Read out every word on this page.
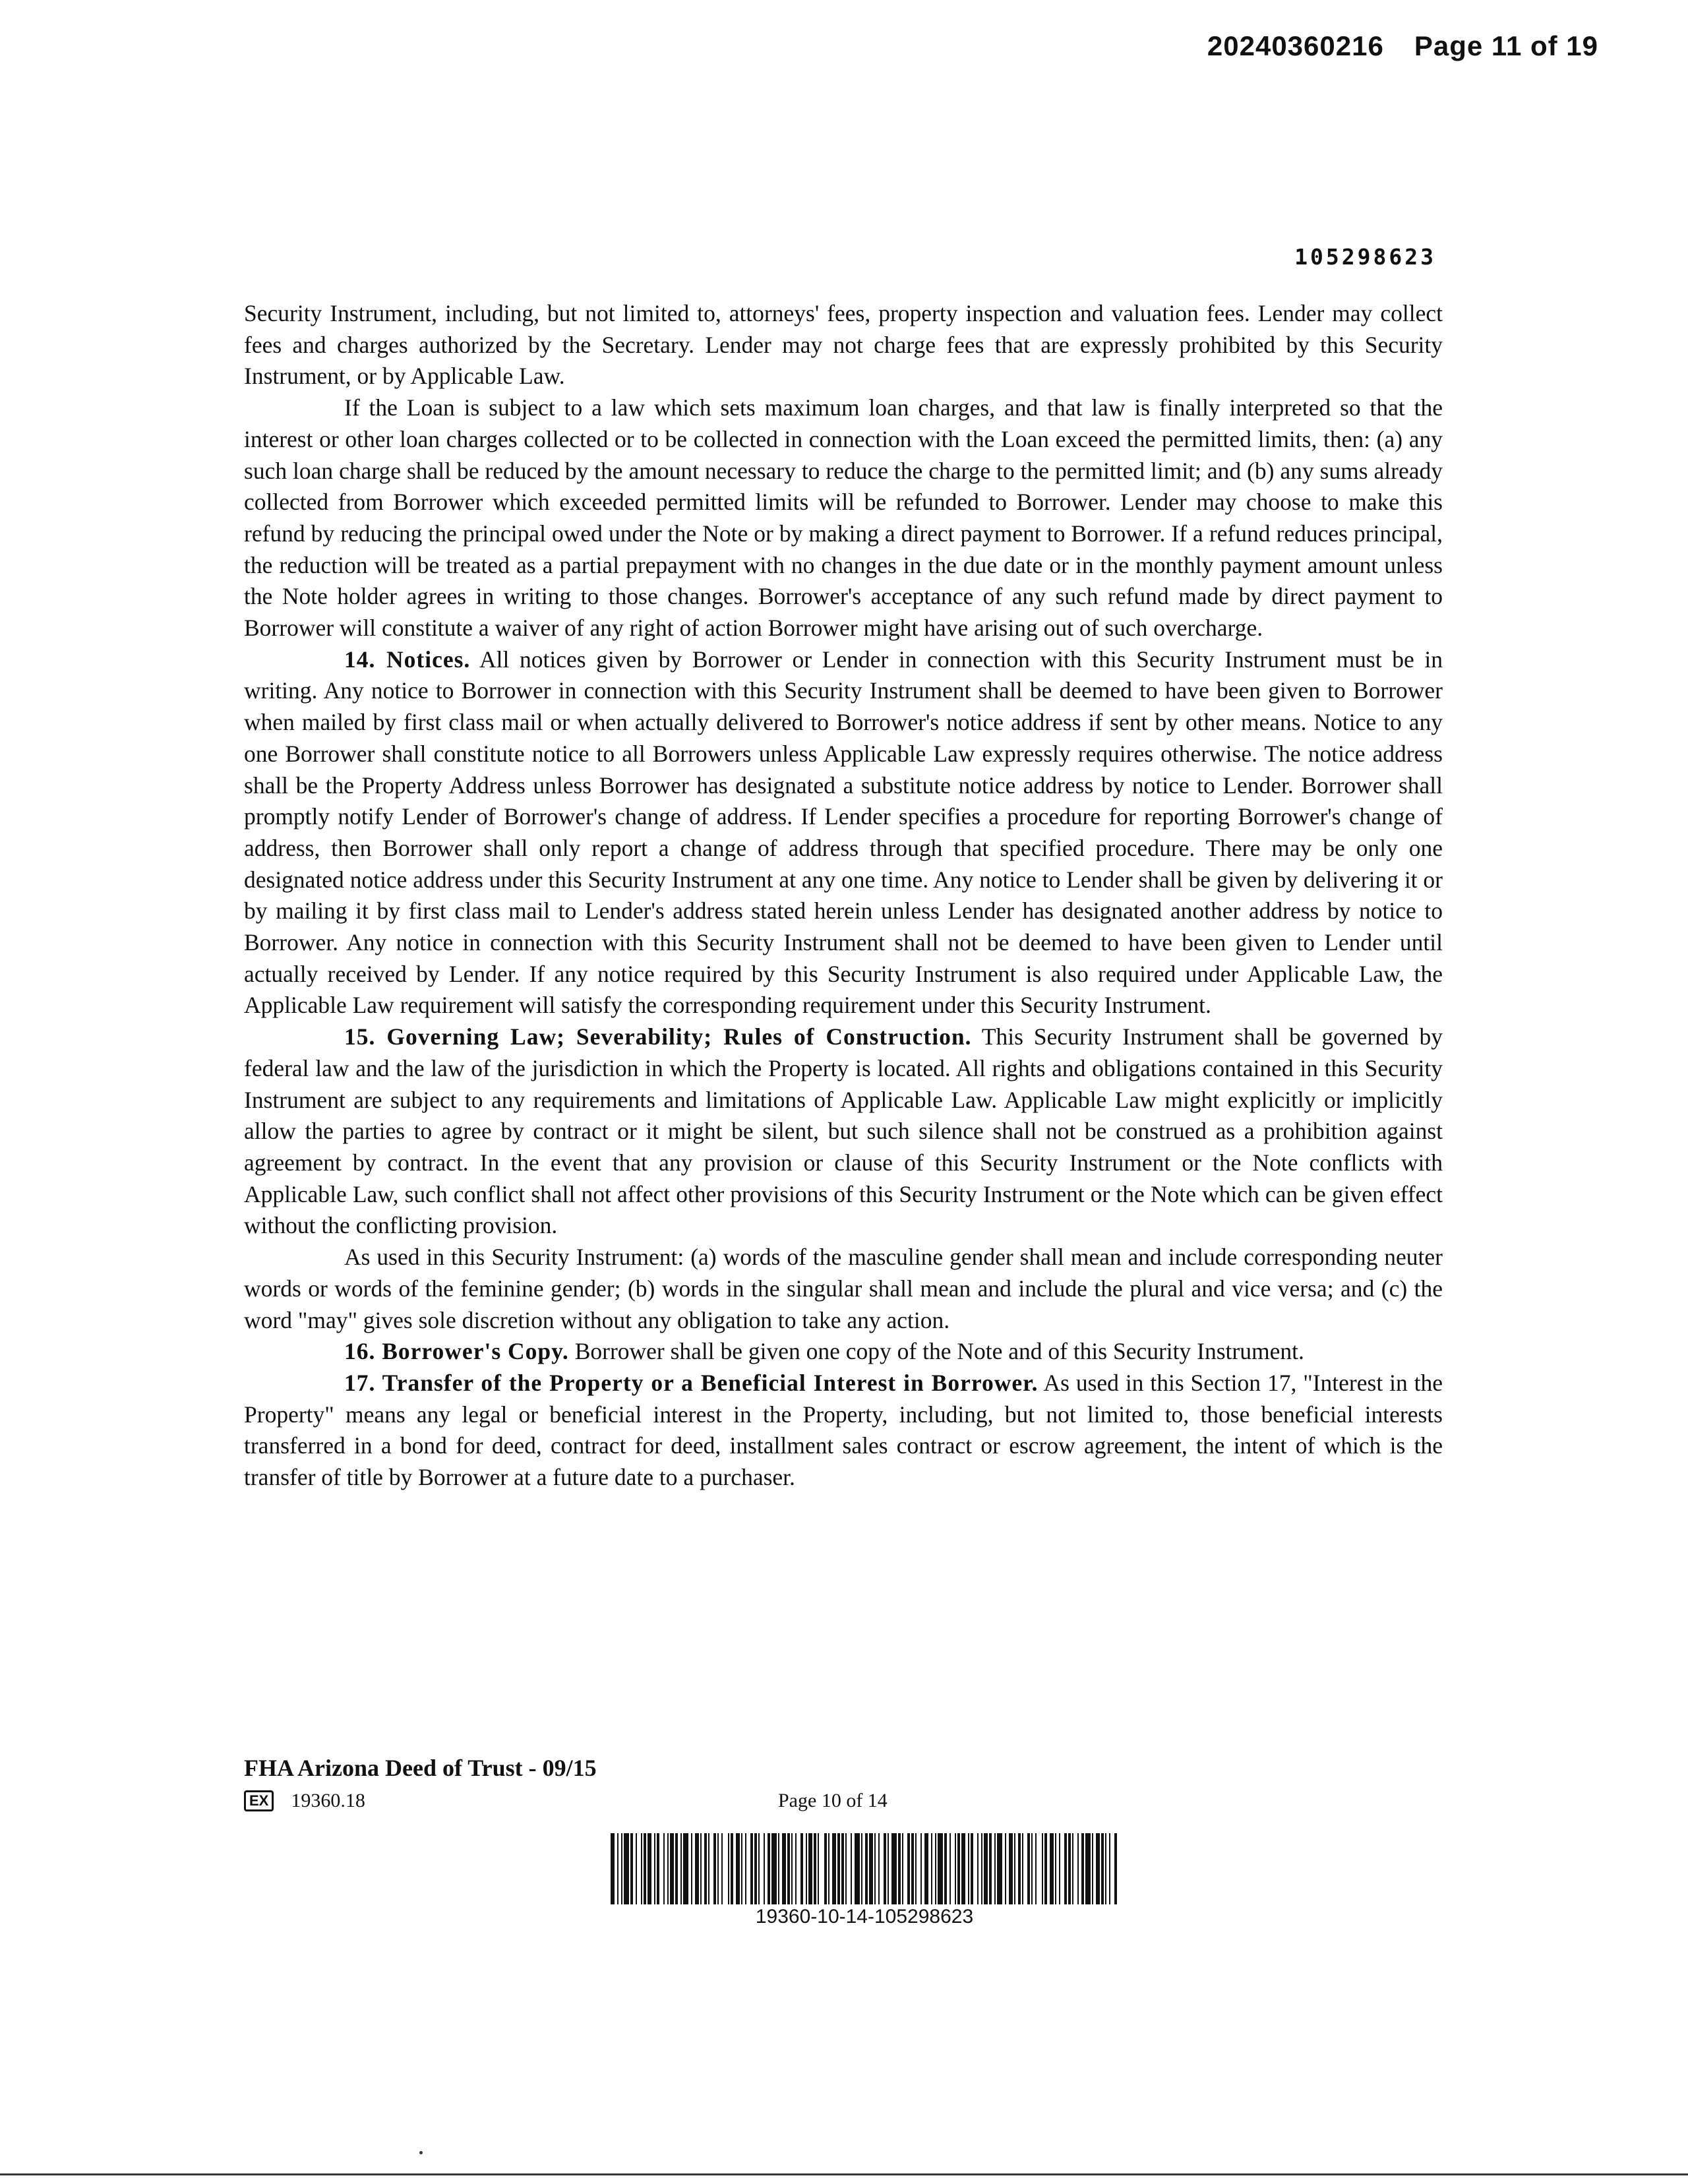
20240360216 Page 11 of 19
105298623

Security Instrument, including, but not limited to, attorneys' fees, property inspection and valuation fees. Lender may collect fees and charges authorized by the Secretary. Lender may not charge fees that are expressly prohibited by this Security Instrument, or by Applicable Law.

If the Loan is subject to a law which sets maximum loan charges, and that law is finally interpreted so that the interest or other loan charges collected or to be collected in connection with the Loan exceed the permitted limits, then: (a) any such loan charge shall be reduced by the amount necessary to reduce the charge to the permitted limit; and (b) any sums already collected from Borrower which exceeded permitted limits will be refunded to Borrower. Lender may choose to make this refund by reducing the principal owed under the Note or by making a direct payment to Borrower. If a refund reduces principal, the reduction will be treated as a partial prepayment with no changes in the due date or in the monthly payment amount unless the Note holder agrees in writing to those changes. Borrower's acceptance of any such refund made by direct payment to Borrower will constitute a waiver of any right of action Borrower might have arising out of such overcharge.

14. Notices. All notices given by Borrower or Lender in connection with this Security Instrument must be in writing. Any notice to Borrower in connection with this Security Instrument shall be deemed to have been given to Borrower when mailed by first class mail or when actually delivered to Borrower's notice address if sent by other means. Notice to any one Borrower shall constitute notice to all Borrowers unless Applicable Law expressly requires otherwise. The notice address shall be the Property Address unless Borrower has designated a substitute notice address by notice to Lender. Borrower shall promptly notify Lender of Borrower's change of address. If Lender specifies a procedure for reporting Borrower's change of address, then Borrower shall only report a change of address through that specified procedure. There may be only one designated notice address under this Security Instrument at any one time. Any notice to Lender shall be given by delivering it or by mailing it by first class mail to Lender's address stated herein unless Lender has designated another address by notice to Borrower. Any notice in connection with this Security Instrument shall not be deemed to have been given to Lender until actually received by Lender. If any notice required by this Security Instrument is also required under Applicable Law, the Applicable Law requirement will satisfy the corresponding requirement under this Security Instrument.

15. Governing Law; Severability; Rules of Construction. This Security Instrument shall be governed by federal law and the law of the jurisdiction in which the Property is located. All rights and obligations contained in this Security Instrument are subject to any requirements and limitations of Applicable Law. Applicable Law might explicitly or implicitly allow the parties to agree by contract or it might be silent, but such silence shall not be construed as a prohibition against agreement by contract. In the event that any provision or clause of this Security Instrument or the Note conflicts with Applicable Law, such conflict shall not affect other provisions of this Security Instrument or the Note which can be given effect without the conflicting provision.

As used in this Security Instrument: (a) words of the masculine gender shall mean and include corresponding neuter words or words of the feminine gender; (b) words in the singular shall mean and include the plural and vice versa; and (c) the word "may" gives sole discretion without any obligation to take any action.

16. Borrower's Copy. Borrower shall be given one copy of the Note and of this Security Instrument.

17. Transfer of the Property or a Beneficial Interest in Borrower. As used in this Section 17, "Interest in the Property" means any legal or beneficial interest in the Property, including, but not limited to, those beneficial interests transferred in a bond for deed, contract for deed, installment sales contract or escrow agreement, the intent of which is the transfer of title by Borrower at a future date to a purchaser.

FHA Arizona Deed of Trust - 09/15
EX 19360.18	Page 10 of 14
19360-10-14-105298623
